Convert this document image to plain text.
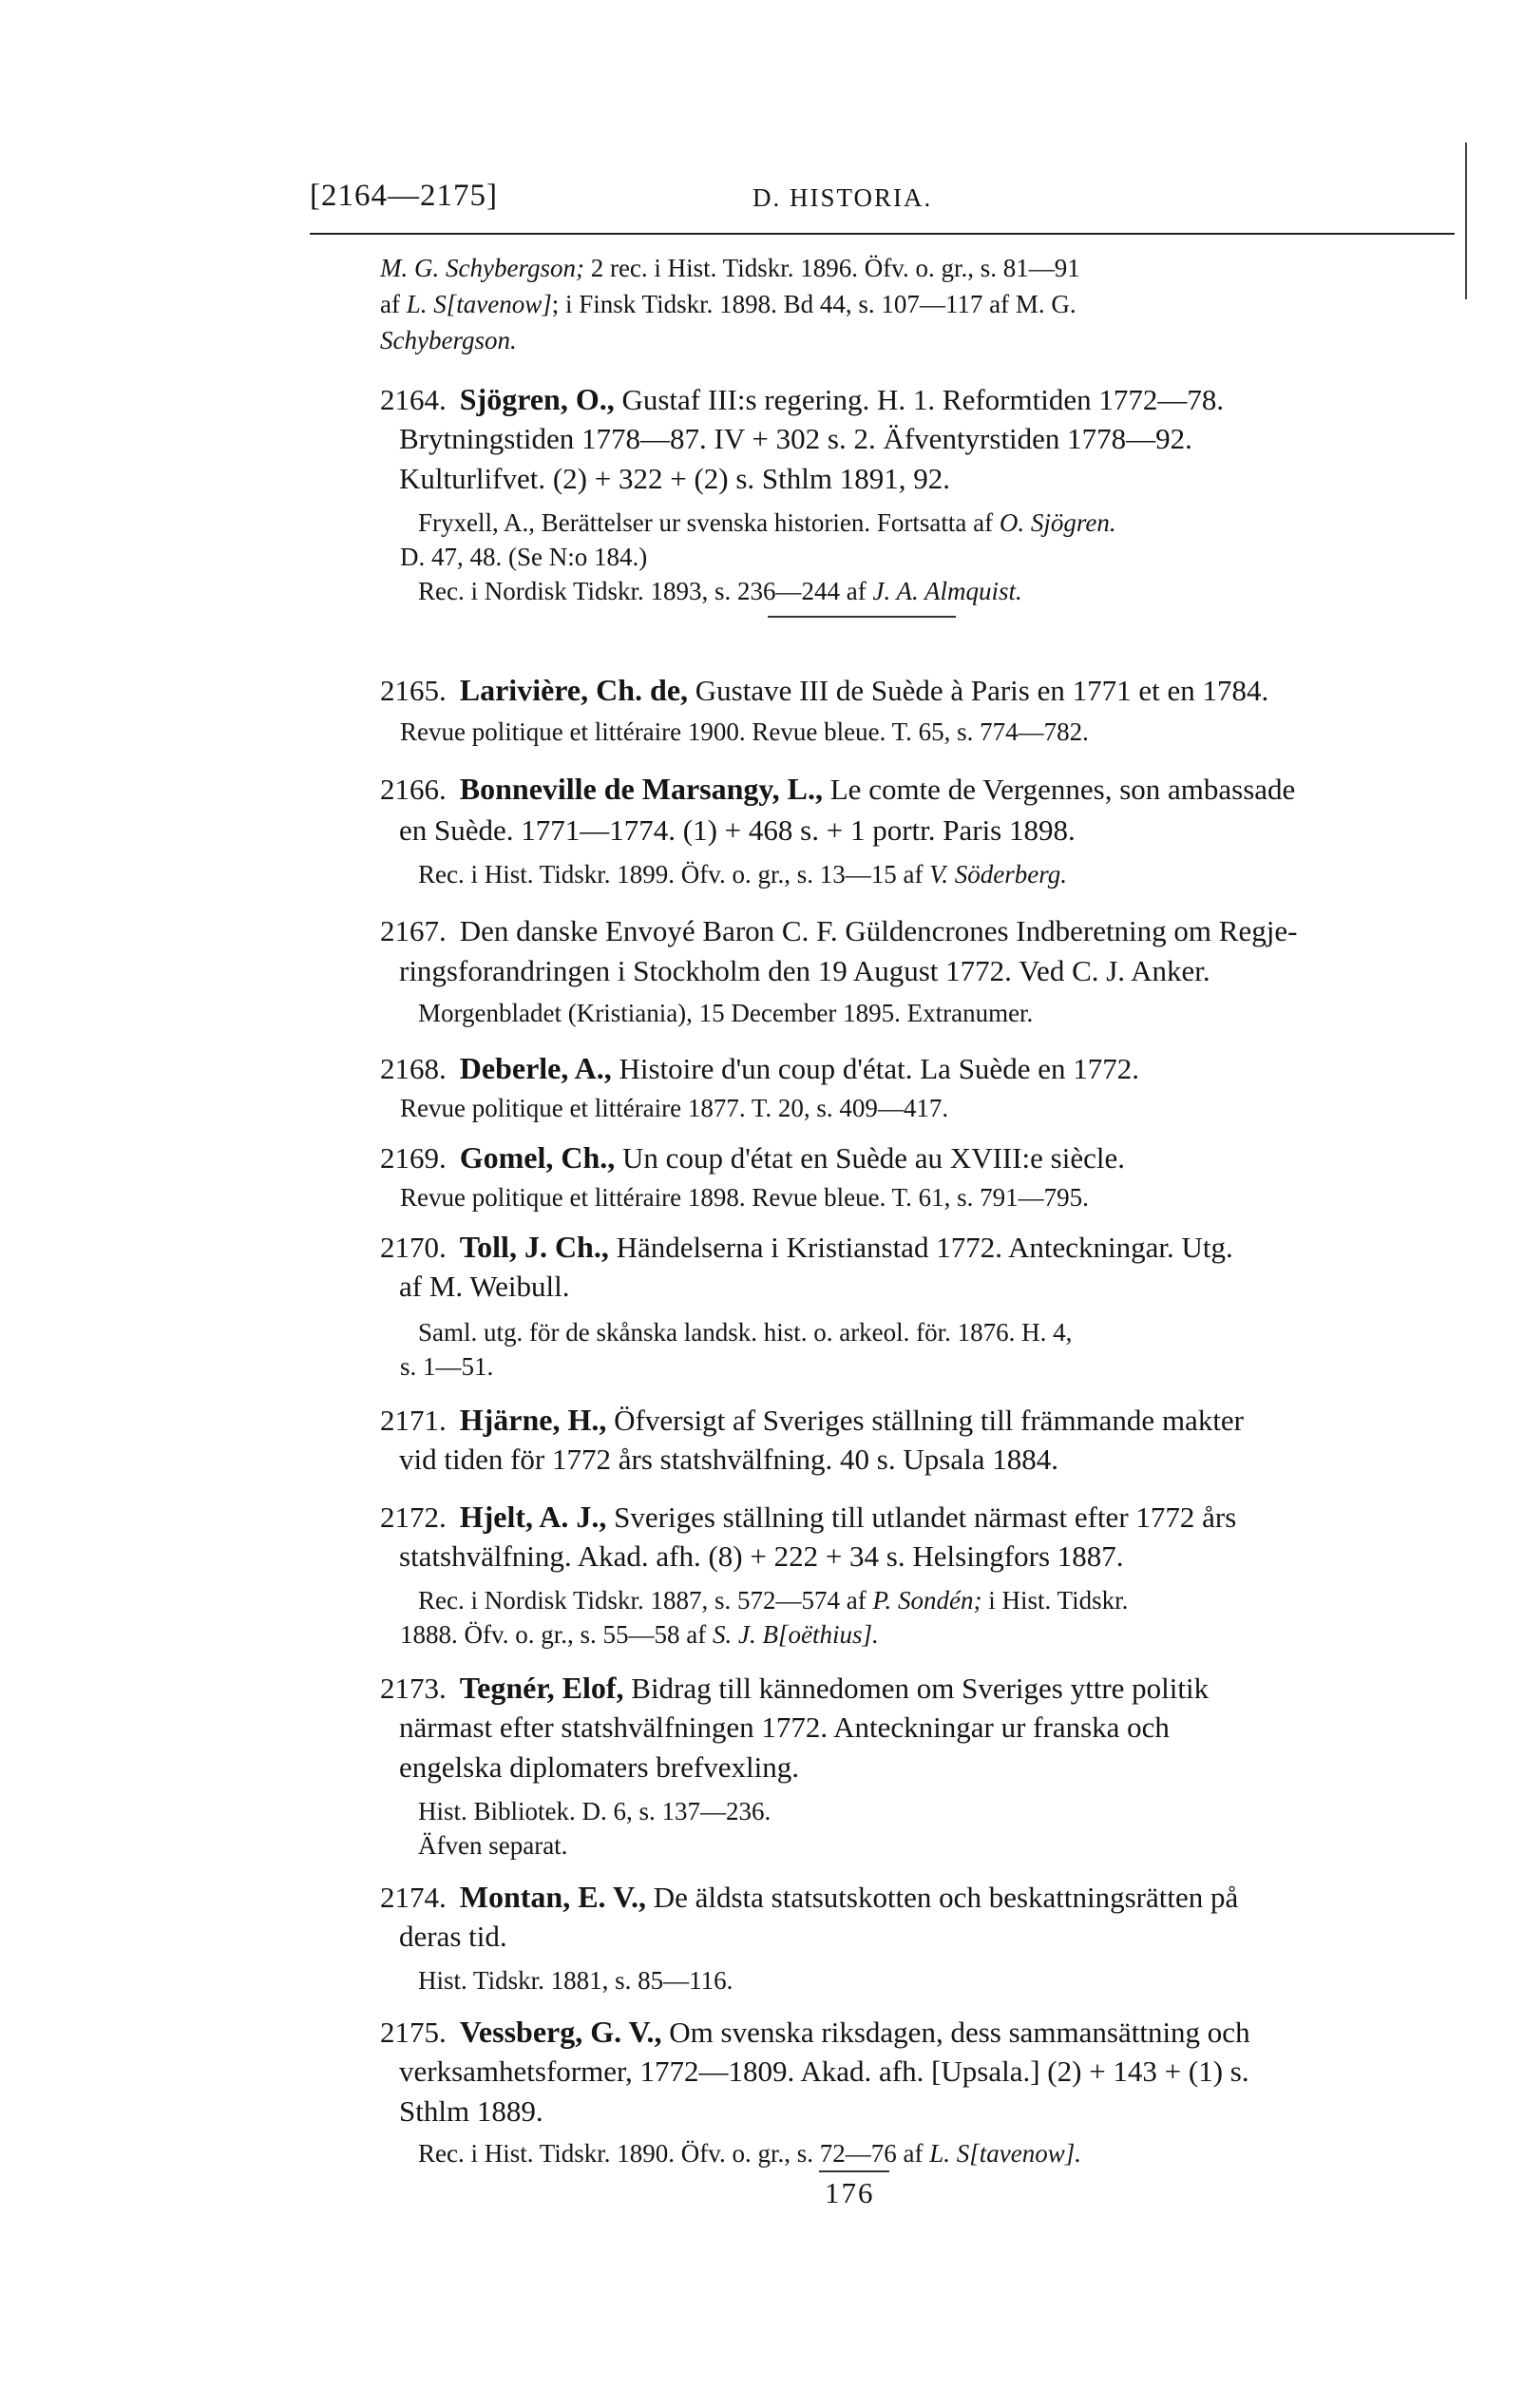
[2164—2175]	D. HISTORIA.
M. G. Schybergson; 2 rec. i Hist. Tidskr. 1896. Öfv. o. gr., s. 81—91
af L. S[tavenow]; i Finsk Tidskr. 1898. Bd 44, s. 107—117 af M. G.
Schybergson.
2164. Sjögren, O., Gustaf III:s regering. H. 1. Reformtiden 1772—78.
Brytningstiden 1778—87. IV + 302 s. 2. Äfventyrstiden 1778—92.
Kulturlifvet. (2) + 322 + (2) s. Sthlm 1891, 92.
Fryxell, A., Berättelser ur svenska historien. Fortsatta af O. Sjögren.
D. 47, 48. (Se N:o 184.)
Rec. i Nordisk Tidskr. 1893, s. 236—244 af J. A. Almquist.
2165. Larivière, Ch. de, Gustave III de Suède à Paris en 1771 et en 1784.
Revue politique et littéraire 1900. Revue bleue. T. 65, s. 774—782.
2166. Bonneville de Marsangy, L., Le comte de Vergennes, son ambassade
en Suède. 1771—1774. (1) + 468 s. + 1 portr. Paris 1898.
Rec. i Hist. Tidskr. 1899. Öfv. o. gr., s. 13—15 af V. Söderberg.
2167. Den danske Envoyé Baron C. F. Güldencrones Indberetning om Regje-
ringsforandringen i Stockholm den 19 August 1772. Ved C. J. Anker.
Morgenbladet (Kristiania), 15 December 1895. Extranumer.
2168. Deberle, A., Histoire d'un coup d'état. La Suède en 1772.
Revue politique et littéraire 1877. T. 20, s. 409—417.
2169. Gomel, Ch., Un coup d'état en Suède au XVIII:e siècle.
Revue politique et littéraire 1898. Revue bleue. T. 61, s. 791—795.
2170. Toll, J. Ch., Händelserna i Kristianstad 1772. Anteckningar. Utg.
af M. Weibull.
Saml. utg. för de skånska landsk. hist. o. arkeol. för. 1876. H. 4,
s. 1—51.
2171. Hjärne, H., Öfversigt af Sveriges ställning till främmande makter
vid tiden för 1772 års statshvälfning. 40 s. Upsala 1884.
2172. Hjelt, A. J., Sveriges ställning till utlandet närmast efter 1772 års
statshvälfning. Akad. afh. (8) + 222 + 34 s. Helsingfors 1887.
Rec. i Nordisk Tidskr. 1887, s. 572—574 af P. Sondén; i Hist. Tidskr.
1888. Öfv. o. gr., s. 55—58 af S. J. B[oëthius].
2173. Tegnér, Elof, Bidrag till kännedomen om Sveriges yttre politik
närmast efter statshvälfningen 1772. Anteckningar ur franska och
engelska diplomaters brefvexling.
Hist. Bibliotek. D. 6, s. 137—236.
Äfven separat.
2174. Montan, E. V., De äldsta statsutskotten och beskattningsrätten på
deras tid.
Hist. Tidskr. 1881, s. 85—116.
2175. Vessberg, G. V., Om svenska riksdagen, dess sammansättning och
verksamhetsformer, 1772—1809. Akad. afh. [Upsala.] (2) + 143 + (1) s.
Sthlm 1889.
Rec. i Hist. Tidskr. 1890. Öfv. o. gr., s. 72—76 af L. S[tavenow].
176
